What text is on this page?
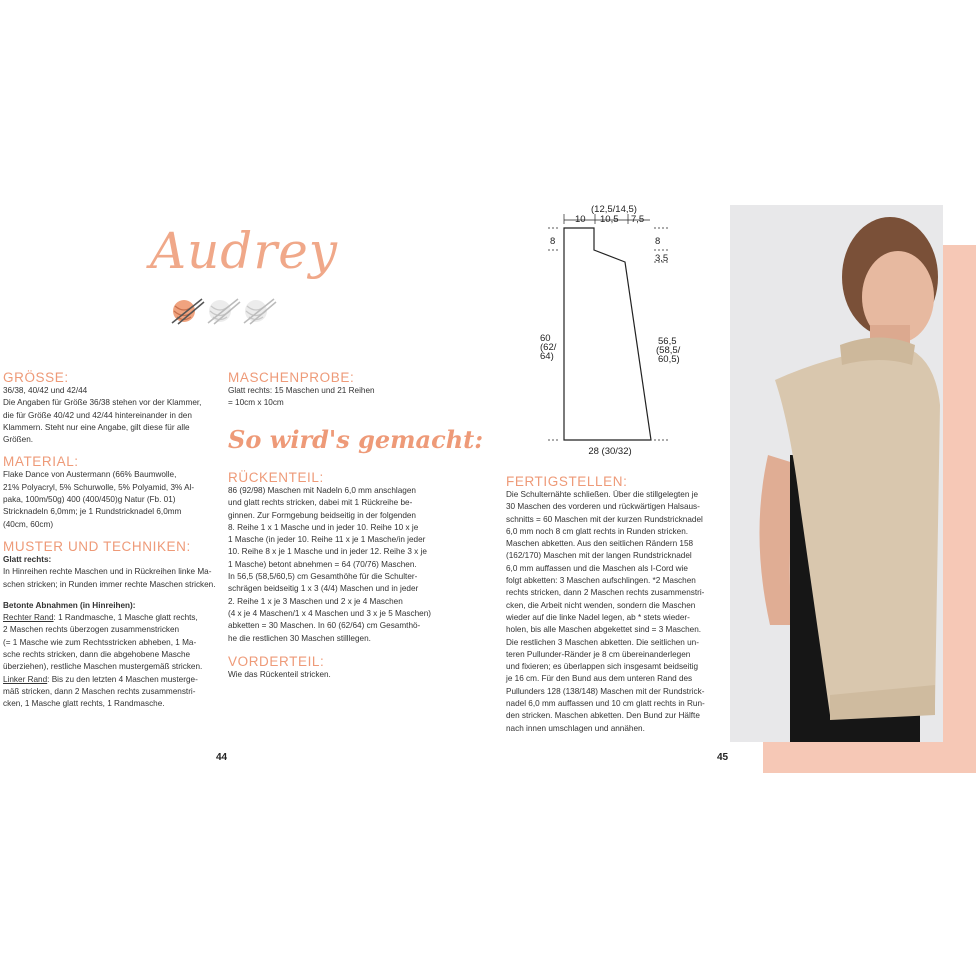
Audrey
GRÖSSE:
36/38, 40/42 und 42/44
Die Angaben für Größe 36/38 stehen vor der Klammer,
die für Größe 40/42 und 42/44 hintereinander in den
Klammern. Steht nur eine Angabe, gilt diese für alle
Größen.
MATERIAL:
Flake Dance von Austermann (66% Baumwolle,
21% Polyacryl, 5% Schurwolle, 5% Polyamid, 3% Al-
paka, 100m/50g) 400 (400/450)g Natur (Fb. 01)
Stricknadeln 6,0mm; je 1 Rundstricknadel 6,0mm
(40cm, 60cm)
MUSTER UND TECHNIKEN:
Glatt rechts:
In Hinreihen rechte Maschen und in Rückreihen linke Ma-
schen stricken; in Runden immer rechte Maschen stricken.
Betonte Abnahmen (in Hinreihen):
Rechter Rand: 1 Randmasche, 1 Masche glatt rechts,
2 Maschen rechts überzogen zusammenstricken
(= 1 Masche wie zum Rechtsstricken abheben, 1 Ma-
sche rechts stricken, dann die abgehobene Masche
überziehen), restliche Maschen mustergemäß stricken.
Linker Rand: Bis zu den letzten 4 Maschen musterge-
mäß stricken, dann 2 Maschen rechts zusammenstri-
cken, 1 Masche glatt rechts, 1 Randmasche.
MASCHENPROBE:
Glatt rechts: 15 Maschen und 21 Reihen
= 10cm x 10cm
So wird's gemacht:
RÜCKENTEIL:
86 (92/98) Maschen mit Nadeln 6,0 mm anschlagen
und glatt rechts stricken, dabei mit 1 Rückreihe be-
ginnen. Zur Formgebung beidseitig in der folgenden
8. Reihe 1 x 1 Masche und in jeder 10. Reihe 10 x je
1 Masche (in jeder 10. Reihe 11 x je 1 Masche/in jeder
10. Reihe 8 x je 1 Masche und in jeder 12. Reihe 3 x je
1 Masche) betont abnehmen = 64 (70/76) Maschen.
In 56,5 (58,5/60,5) cm Gesamthöhe für die Schulter-
schrägen beidseitig 1 x 3 (4/4) Maschen und in jeder
2. Reihe 1 x je 3 Maschen und 2 x je 4 Maschen
(4 x je 4 Maschen/1 x 4 Maschen und 3 x je 5 Maschen)
abketten = 30 Maschen. In 60 (62/64) cm Gesamthö-
he die restlichen 30 Maschen stilllegen.
VORDERTEIL:
Wie das Rückenteil stricken.
44
(12,5/14,5)
10 10,5 7,5
8
60
(62/
64)
8
3,5
56,5
(58,5/
60,5)
28 (30/32)
FERTIGSTELLEN:
Die Schulternähte schließen. Über die stillgelegten je
30 Maschen des vorderen und rückwärtigen Halsaus-
schnitts = 60 Maschen mit der kurzen Rundstricknadel
6,0 mm noch 8 cm glatt rechts in Runden stricken.
Maschen abketten. Aus den seitlichen Rändern 158
(162/170) Maschen mit der langen Rundstricknadel
6,0 mm auffassen und die Maschen als I-Cord wie
folgt abketten: 3 Maschen aufschlingen. *2 Maschen
rechts stricken, dann 2 Maschen rechts zusammenstri-
cken, die Arbeit nicht wenden, sondern die Maschen
wieder auf die linke Nadel legen, ab * stets wieder-
holen, bis alle Maschen abgekettet sind = 3 Maschen.
Die restlichen 3 Maschen abketten. Die seitlichen un-
teren Pullunder-Ränder je 8 cm übereinanderlegen
und fixieren; es überlappen sich insgesamt beidseitig
je 16 cm. Für den Bund aus dem unteren Rand des
Pullunders 128 (138/148) Maschen mit der Rundstrick-
nadel 6,0 mm auffassen und 10 cm glatt rechts in Run-
den stricken. Maschen abketten. Den Bund zur Hälfte
nach innen umschlagen und annähen.
45
